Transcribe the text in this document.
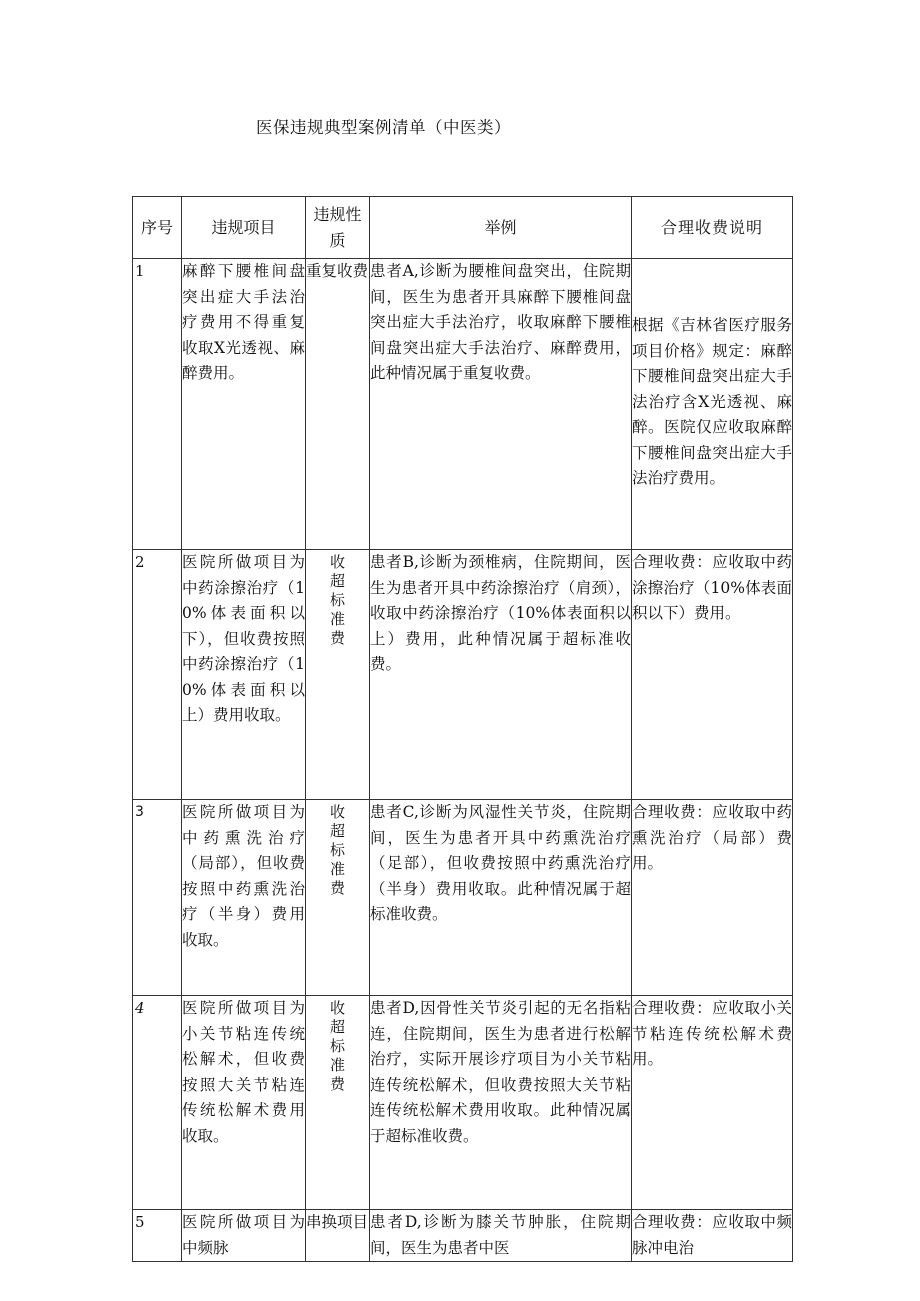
医保违规典型案例清单（中医类）
序号	违规项目	违规性质	举例	合理收费说明
1	麻醉下腰椎间盘突出症大手法治疗费用不得重复收取X光透视、麻醉费用。	重复收费	患者A,诊断为腰椎间盘突出，住院期间，医生为患者开具麻醉下腰椎间盘突出症大手法治疗，收取麻醉下腰椎间盘突出症大手法治疗、麻醉费用，此种情况属于重复收费。	根据《吉林省医疗服务项目价格》规定：麻醉下腰椎间盘突出症大手法治疗含X光透视、麻醉。医院仅应收取麻醉下腰椎间盘突出症大手法治疗费用。
2	医院所做项目为中药涂擦治疗（10%体表面积以下），但收费按照中药涂擦治疗（10%体表面积以上）费用收取。	收
超
标
准
费	患者B,诊断为颈椎病，住院期间，医生为患者开具中药涂擦治疗（肩颈），收取中药涂擦治疗（10%体表面积以上）费用，此种情况属于超标准收费。	合理收费：应收取中药涂擦治疗（10%体表面积以下）费用。
3	医院所做项目为中药熏洗治疗（局部），但收费按照中药熏洗治疗（半身）费用收取。	收
超
标
准
费	患者C,诊断为风湿性关节炎，住院期间，医生为患者开具中药熏洗治疗（足部），但收费按照中药熏洗治疗（半身）费用收取。此种情况属于超标准收费。	合理收费：应收取中药熏洗治疗（局部）费用。
4	医院所做项目为小关节粘连传统松解术，但收费按照大关节粘连传统松解术费用收取。	收
超
标
准
费	患者D,因骨性关节炎引起的无名指粘连，住院期间，医生为患者进行松解治疗，实际开展诊疗项目为小关节粘连传统松解术，但收费按照大关节粘连传统松解术费用收取。此种情况属于超标准收费。	合理收费：应收取小关节粘连传统松解术费用。
5	医院所做项目为中频脉	串换项目	患者D,诊断为膝关节肿胀，住院期间，医生为患者中医	合理收费：应收取中频脉冲电治
